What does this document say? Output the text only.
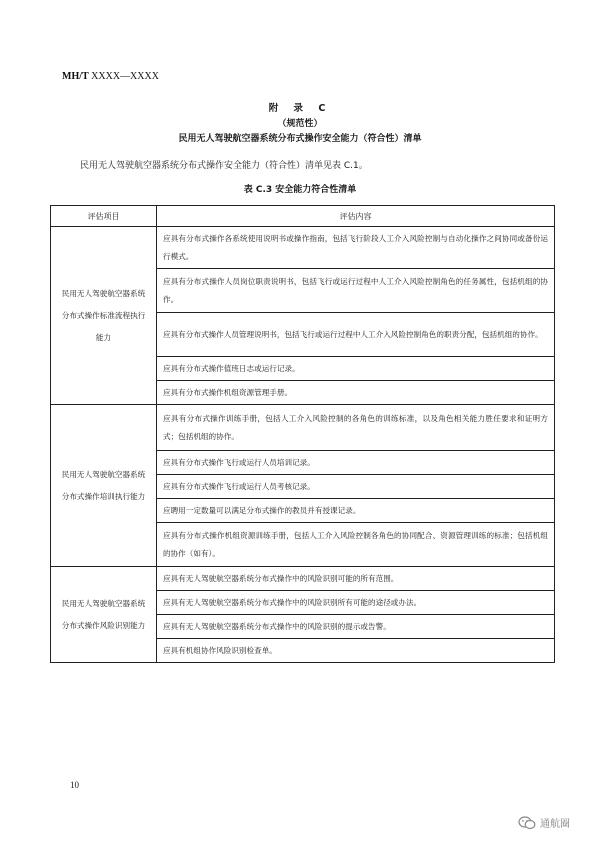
MH/T XXXX—XXXX
附 录 C
（规范性）
民用无人驾驶航空器系统分布式操作安全能力（符合性）清单
民用无人驾驶航空器系统分布式操作安全能力（符合性）清单见表 C.1。
表 C.3 安全能力符合性清单
评估项目	评估内容
民用无人驾驶航空器系统分布式操作标准流程执行能力	应具有分布式操作各系统使用说明书或操作指南，包括飞行阶段人工介入风险控制与自动化操作之间协同或备份运行模式。
	应具有分布式操作人员岗位职责说明书，包括飞行或运行过程中人工介入风险控制角色的任务属性，包括机组的协作。
	应具有分布式操作人员管理说明书，包括飞行或运行过程中人工介入风险控制角色的职责分配，包括机组的协作。
	应具有分布式操作值班日志或运行记录。
	应具有分布式操作机组资源管理手册。
民用无人驾驶航空器系统分布式操作培训执行能力	应具有分布式操作训练手册，包括人工介入风险控制的各角色的训练标准，以及角色相关能力胜任要求和证明方式；包括机组的协作。
	应具有分布式操作飞行或运行人员培训记录。
	应具有分布式操作飞行或运行人员考核记录。
	应聘用一定数量可以满足分布式操作的教员并有授课记录。
	应具有分布式操作机组资源训练手册，包括人工介入风险控制各角色的协同配合、资源管理训练的标准；包括机组的协作（如有）。
民用无人驾驶航空器系统分布式操作风险识别能力	应具有无人驾驶航空器系统分布式操作中的风险识别可能的所有范围。
	应具有无人驾驶航空器系统分布式操作中的风险识别所有可能的途径或办法。
	应具有无人驾驶航空器系统分布式操作中的风险识别的提示或告警。
	应具有机组协作风险识别检查单。
10
通航圈
